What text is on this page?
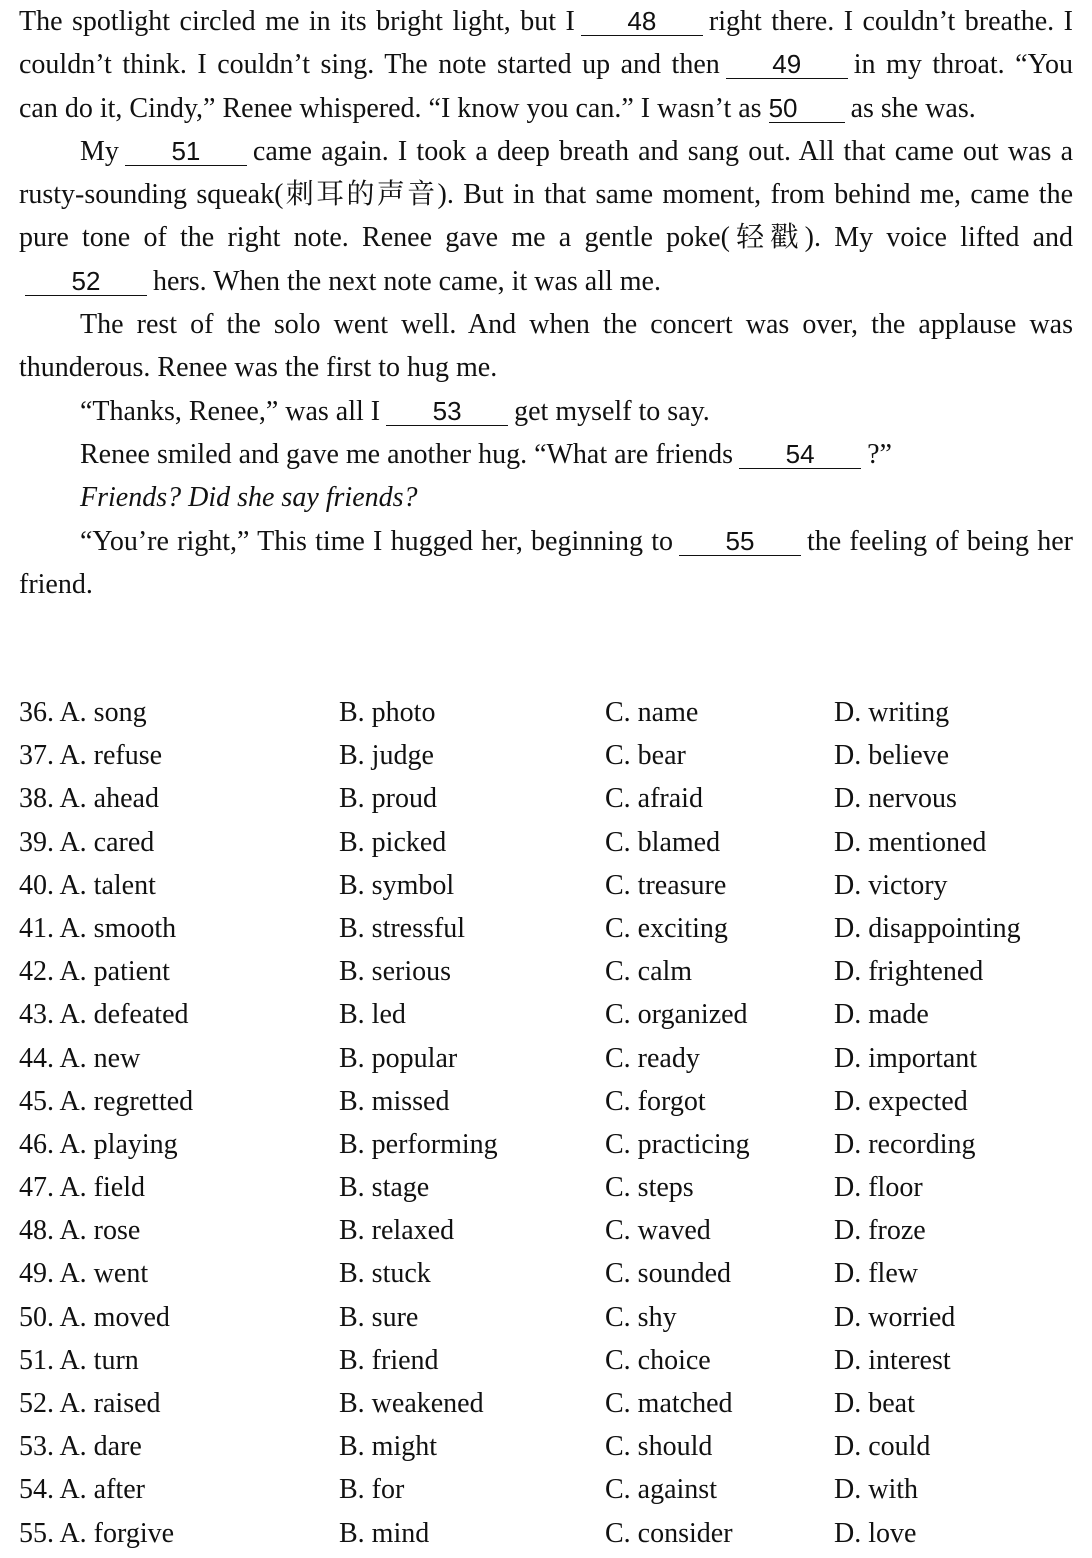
The spotlight circled me in its bright light, but I 48 right there. I couldn’t breathe. I couldn’t think. I couldn’t sing. The note started up and then 49 in my throat. “You can do it, Cindy,” Renee whispered. “I know you can.” I wasn’t as 50 as she was.

My 51 came again. I took a deep breath and sang out. All that came out was a rusty-sounding squeak(刺耳的声音). But in that same moment, from behind me, came the pure tone of the right note. Renee gave me a gentle poke(轻戳). My voice lifted and52 hers. When the next note came, it was all me.

The rest of the solo went well. And when the concert was over, the applause was thunderous. Renee was the first to hug me.

“Thanks, Renee,” was all I 53 get myself to say.

Renee smiled and gave me another hug. “What are friends 54 ?”

Friends? Did she say friends?

“You’re right,” This time I hugged her, beginning to 55 the feeling of being her friend.

36. A. song	B. photo	C. name	D. writing
37. A. refuse	B. judge	C. bear	D. believe
38. A. ahead	B. proud	C. afraid	D. nervous
39. A. cared	B. picked	C. blamed	D. mentioned
40. A. talent	B. symbol	C. treasure	D. victory
41. A. smooth	B. stressful	C. exciting	D. disappointing
42. A. patient	B. serious	C. calm	D. frightened
43. A. defeated	B. led	C. organized	D. made
44. A. new	B. popular	C. ready	D. important
45. A. regretted	B. missed	C. forgot	D. expected
46. A. playing	B. performing	C. practicing	D. recording
47. A. field	B. stage	C. steps	D. floor
48. A. rose	B. relaxed	C. waved	D. froze
49. A. went	B. stuck	C. sounded	D. flew
50. A. moved	B. sure	C. shy	D. worried
51. A. turn	B. friend	C. choice	D. interest
52. A. raised	B. weakened	C. matched	D. beat
53. A. dare	B. might	C. should	D. could
54. A. after	B. for	C. against	D. with
55. A. forgive	B. mind	C. consider	D. love
